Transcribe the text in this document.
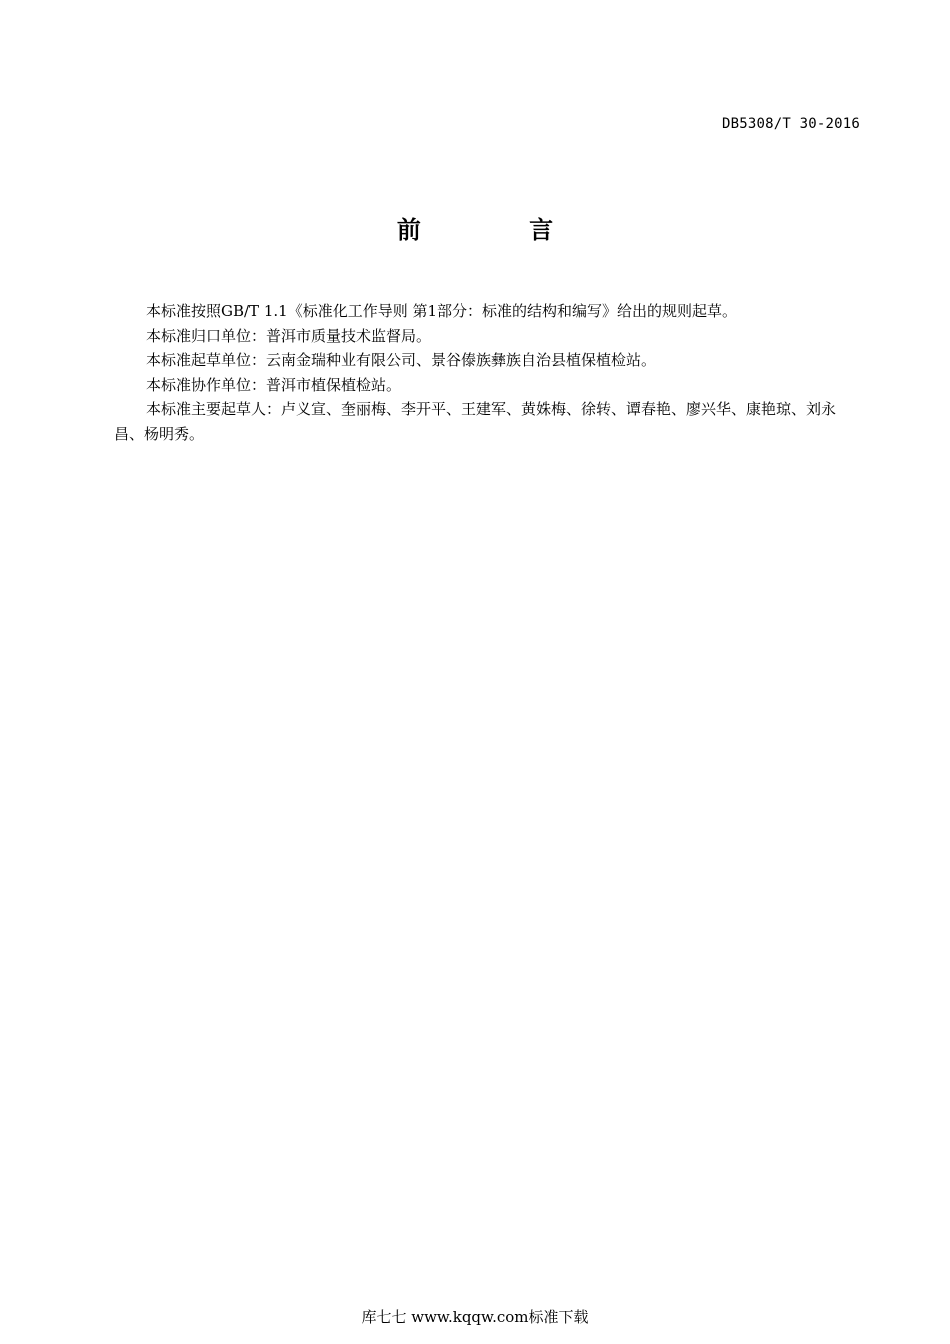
DB5308/T 30-2016
前 言

本标准按照GB/T 1.1《标准化工作导则 第1部分：标准的结构和编写》给出的规则起草。

本标准归口单位：普洱市质量技术监督局。

本标准起草单位：云南金瑞种业有限公司、景谷傣族彝族自治县植保植检站。

本标准协作单位：普洱市植保植检站。

本标准主要起草人：卢义宣、奎丽梅、李开平、王建军、黄姝梅、徐转、谭春艳、廖兴华、康艳琼、刘永昌、杨明秀。

库七七 www.kqqw.com标准下载
